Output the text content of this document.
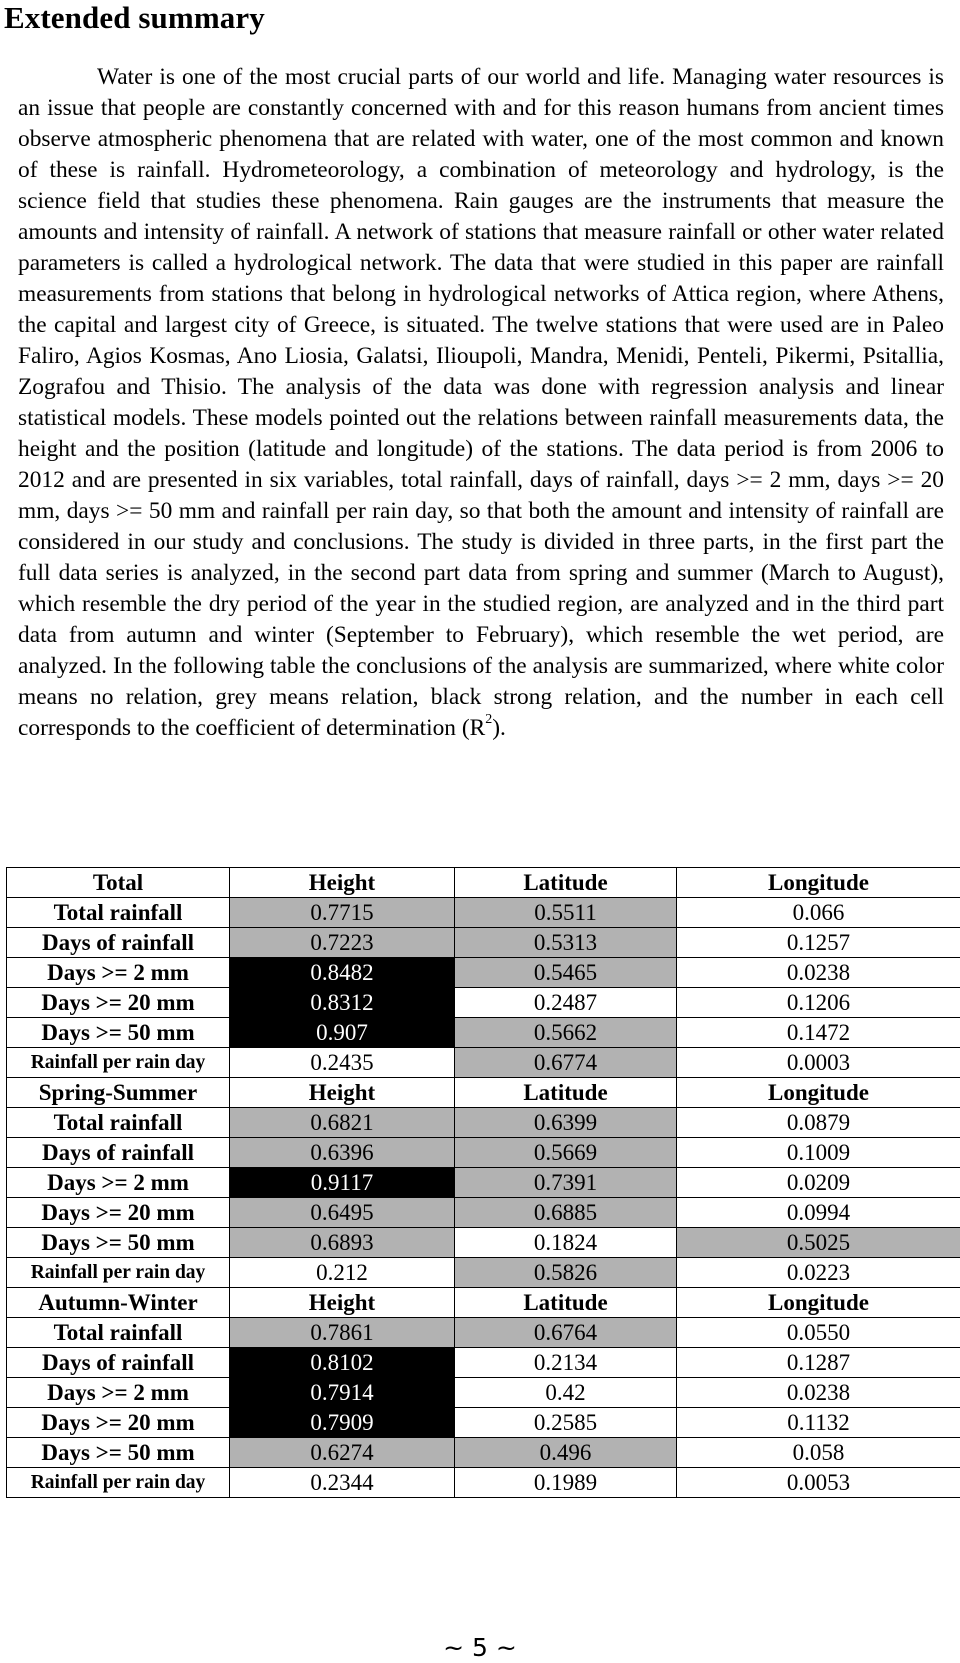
Extended summary

Water is one of the most crucial parts of our world and life. Managing water resources is an issue that people are constantly concerned with and for this reason humans from ancient times observe atmospheric phenomena that are related with water, one of the most common and known of these is rainfall. Hydrometeorology, a combination of meteorology and hydrology, is the science field that studies these phenomena. Rain gauges are the instruments that measure the amounts and intensity of rainfall. A network of stations that measure rainfall or other water related parameters is called a hydrological network. The data that were studied in this paper are rainfall measurements from stations that belong in hydrological networks of Attica region, where Athens, the capital and largest city of Greece, is situated. The twelve stations that were used are in Paleo Faliro, Agios Kosmas, Ano Liosia, Galatsi, Ilioupoli, Mandra, Menidi, Penteli, Pikermi, Psitallia, Zografou and Thisio. The analysis of the data was done with regression analysis and linear statistical models. These models pointed out the relations between rainfall measurements data, the height and the position (latitude and longitude) of the stations. The data period is from 2006 to 2012 and are presented in six variables, total rainfall, days of rainfall, days >= 2 mm, days >= 20 mm, days >= 50 mm and rainfall per rain day, so that both the amount and intensity of rainfall are considered in our study and conclusions. The study is divided in three parts, in the first part the full data series is analyzed, in the second part data from spring and summer (March to August), which resemble the dry period of the year in the studied region, are analyzed and in the third part data from autumn and winter (September to February), which resemble the wet period, are analyzed. In the following table the conclusions of the analysis are summarized, where white color means no relation, grey means relation, black strong relation, and the number in each cell corresponds to the coefficient of determination $(R^2)$.

Total	Height	Latitude	Longitude
Total rainfall	0.7715	0.5511	0.066
Days of rainfall	0.7223	0.5313	0.1257
Days >= 2 mm	0.8482	0.5465	0.0238
Days >= 20 mm	0.8312	0.2487	0.1206
Days >= 50 mm	0.907	0.5662	0.1472
Rainfall per rain day	0.2435	0.6774	0.0003
Spring-Summer	Height	Latitude	Longitude
Total rainfall	0.6821	0.6399	0.0879
Days of rainfall	0.6396	0.5669	0.1009
Days >= 2 mm	0.9117	0.7391	0.0209
Days >= 20 mm	0.6495	0.6885	0.0994
Days >= 50 mm	0.6893	0.1824	0.5025
Rainfall per rain day	0.212	0.5826	0.0223
Autumn-Winter	Height	Latitude	Longitude
Total rainfall	0.7861	0.6764	0.0550
Days of rainfall	0.8102	0.2134	0.1287
Days >= 2 mm	0.7914	0.42	0.0238
Days >= 20 mm	0.7909	0.2585	0.1132
Days >= 50 mm	0.6274	0.496	0.058
Rainfall per rain day	0.2344	0.1989	0.0053
~ 5 ~
